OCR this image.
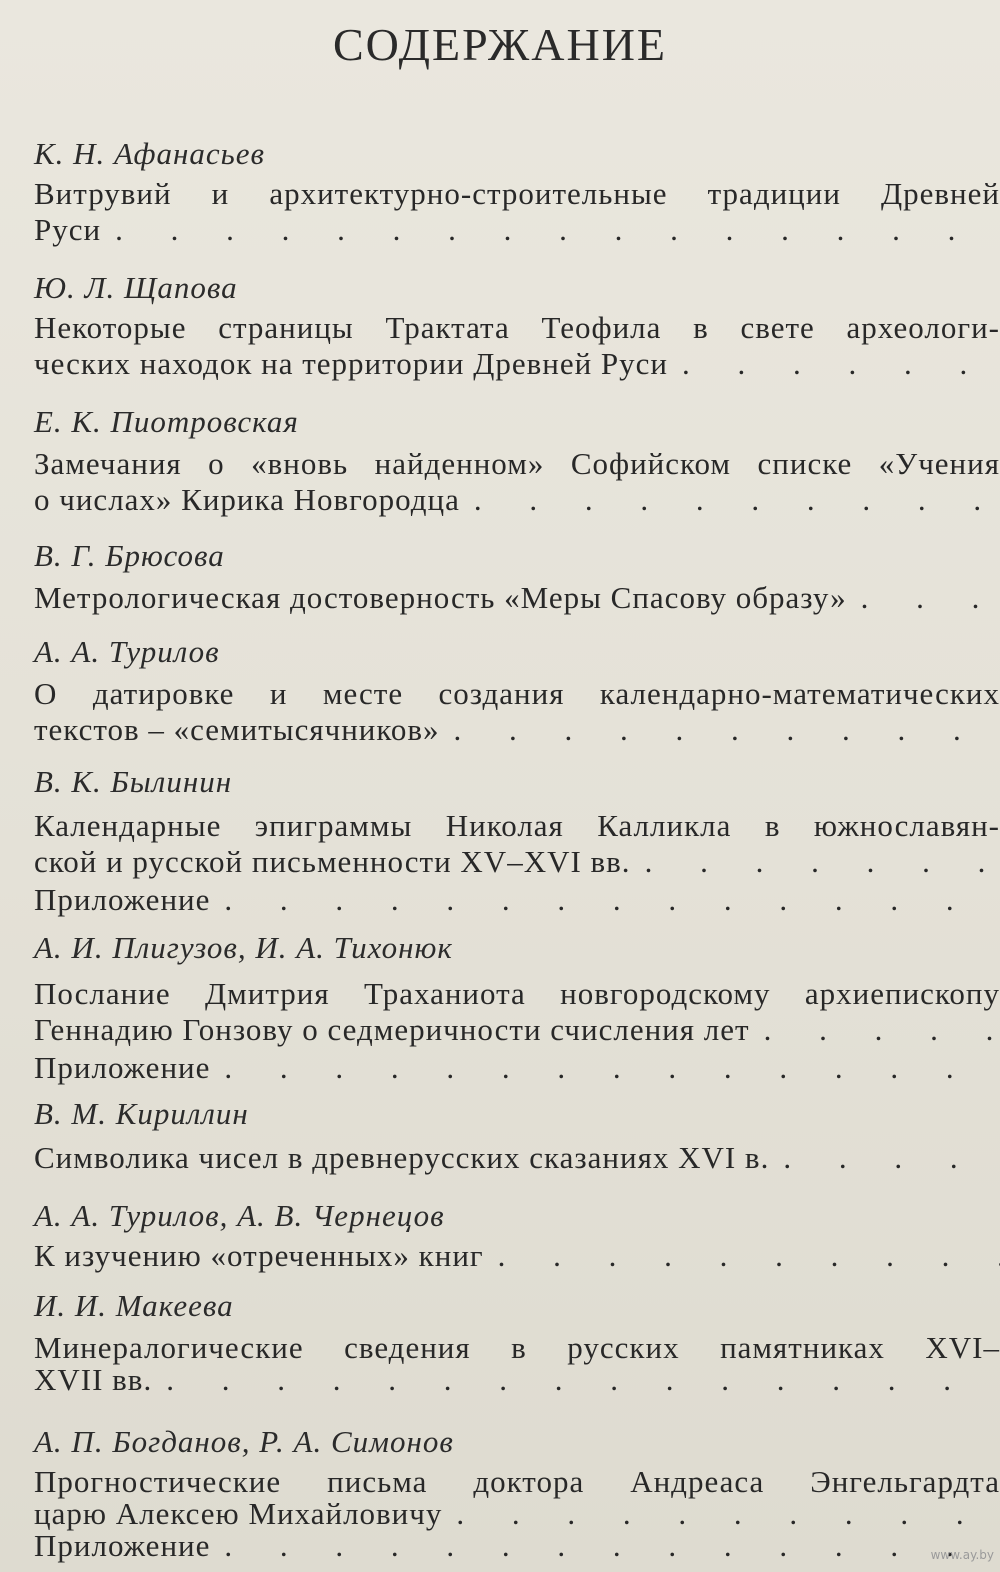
СОДЕРЖАНИЕ
К. Н. Афанасьев
Витрувий и архитектурно-строительные традиции Древней
Руси
. . .
Ю. Л. Щапова
Некоторые страницы Трактата Теофила в свете археологи-
ческих находок на территории Древней Руси
. . .
Е. К. Пиотровская
Замечания о «вновь найденном» Софийском списке «Учения
о числах» Кирика Новгородца
. . .
В. Г. Брюсова
Метрологическая достоверность «Меры Спасову образу»
. . .
А. А. Турилов
О датировке и месте создания календарно-математических
текстов – «семитысячников»
. . .
В. К. Былинин
Календарные эпиграммы Николая Калликла в южнославян-
ской и русской письменности XV–XVI вв.
. . .
Приложение
. . .
А. И. Плигузов, И. А. Тихонюк
Послание Дмитрия Траханиота новгородскому архиепископу
Геннадию Гонзову о седмеричности счисления лет
. . .
Приложение
. . .
В. М. Кириллин
Символика чисел в древнерусских сказаниях XVI в.
. . .
А. А. Турилов, А. В. Чернецов
К изучению «отреченных» книг
. . .
И. И. Макеева
Минералогические сведения в русских памятниках XVI–
XVII вв.
. . .
А. П. Богданов, Р. А. Симонов
Прогностические письма доктора Андреаса Энгельгардта
царю Алексею Михайловичу
. . .
Приложение
. . .	www.ay.by
